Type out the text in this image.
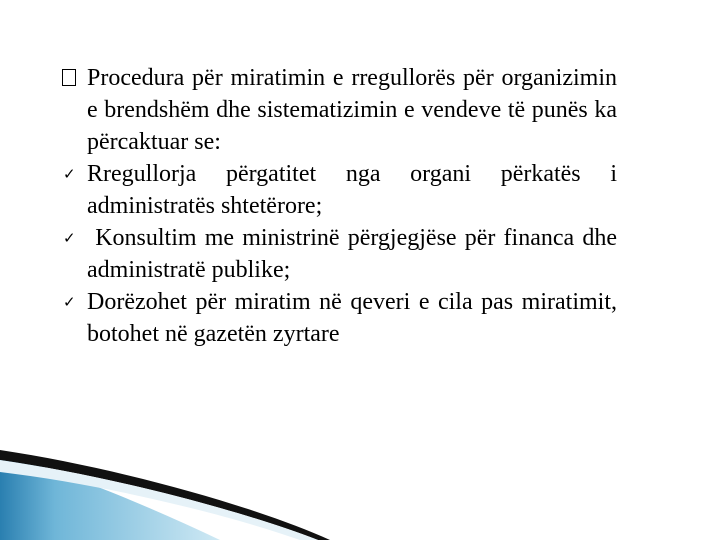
Procedura për miratimin e rregullorës për organizimin e brendshëm dhe sistematizimin e vendeve të punës ka përcaktuar se:

✓ Rregullorja përgatitet nga organi përkatës i administratës shtetërore;

✓ Konsultim me ministrinë përgjegjëse për financa dhe administratë publike;

✓ Dorëzohet për miratim në qeveri e cila pas miratimit, botohet në gazetën zyrtare
